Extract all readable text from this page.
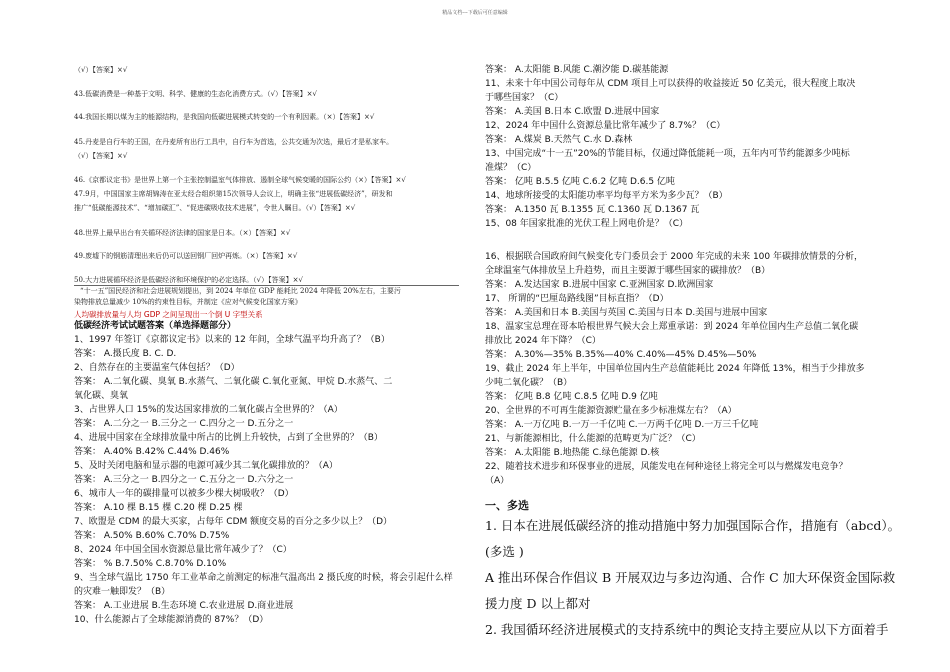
精品文档---下载后可任意编辑
（√）【答案】×√
43.低碳消费是一种基于文明、科学、健康的生态化消费方式。（√）【答案】×√
44.我国长期以煤为主的能源结构，是我国向低碳进展模式转变的一个有利因素。（×）【答案】×√
45.丹麦是自行车的王国，在丹麦所有出行工具中，自行车为首选，公共交通为次选，最后才是私家车。
（√）【答案】×√
46.《京都议定书》是世界上第一个主张控制温室气体排放、遏制全球气候变暖的国际公约（×）【答案】×√
47.9月，中国国家主席胡锦涛在亚太经合组织第15次领导人会议上，明确主张“进展低碳经济”，研发和
推广“低碳能源技术”、“增加碳汇”、“促进碳吸收技术进展”，令世人瞩目。（√）【答案】×√
48.世界上最早出台有关循环经济法律的国家是日本。（×）【答案】×√
49.废墟下的钢筋清理出来后仍可以送回钢厂回炉再炼。（×）【答案】×√
50.大力进展循环经济是低碳经济和环境保护的必定选择。（√）【答案】×√
“十一五”国民经济和社会进展规划提出，到 2024 年单位 GDP 能耗比 2024 年降低 20%左右，主要污
染物排放总量减少 10%的约束性目标，并制定《应对气候变化国家方案》
人均碳排放量与人均 GDP 之间呈现出一个倒 U 字型关系
低碳经济考试试题答案（单选择题部分）
1、1997 年签订《京都议定书》以来的 12 年间，全球气温平均升高了？（B）
答案： A.摄氏度 B. C. D.
2、自然存在的主要温室气体包括？（D）
答案： A.二氧化碳、臭氧 B.水蒸气、二氧化碳 C.氧化亚氮、甲烷 D.水蒸气、二
氧化碳、臭氧
3、占世界人口 15%的发达国家排放的二氧化碳占全世界的？（A）
答案： A.二分之一 B.三分之一 C.四分之一 D.五分之一
4、进展中国家在全球排放量中所占的比例上升较快，占到了全世界的？（B）
答案： A.40% B.42% C.44% D.46%
5、及时关闭电脑和显示器的电源可减少其二氧化碳排放的？（A）
答案： A.三分之一 B.四分之一 C.五分之一 D.六分之一
6、城市人一年的碳排量可以被多少棵大树吸收？（D）
答案： A.10 棵 B.15 棵 C.20 棵 D.25 棵
7、欧盟是 CDM 的最大买家，占每年 CDM 额度交易的百分之多少以上？（D）
答案： A.50% B.60% C.70% D.75%
8、2024 年中国全国水资源总量比常年减少了？（C）
答案： % B.7.50% C.8.70% D.10%
9、当全球气温比 1750 年工业革命之前测定的标准气温高出 2 摄氏度的时候，将会引起什么样
的灾难一触即发？（B）
答案： A.工业进展 B.生态环境 C.农业进展 D.商业进展
10、什么能源占了全球能源消费的 87%？（D）
一、多选
1. 日本在进展低碳经济的推动措施中努力加强国际合作，措施有（abcd）。
(多选 )
A 推出环保合作倡议 B 开展双边与多边沟通、合作 C 加大环保资金国际救
援力度 D 以上都对
2. 我国循环经济进展模式的支持系统中的舆论支持主要应从以下方面着手
答案： A.太阳能 B.风能 C.潮汐能 D.碳基能源
11、未来十年中国公司每年从 CDM 项目上可以获得的收益接近 50 亿美元，很大程度上取决
于哪些国家？（C）
答案： A.美国 B.日本 C.欧盟 D.进展中国家
12、2024 年中国什么资源总量比常年减少了 8.7%？（C）
答案： A.煤炭 B.天然气 C.水 D.森林
13、中国完成“十一五”20%的节能目标，仅通过降低能耗一项，五年内可节约能源多少吨标
准煤？（C）
答案： 亿吨 B.5.5 亿吨 C.6.2 亿吨 D.6.5 亿吨
14、地球所接受的太阳能功率平均每平方米为多少瓦？（B）
答案： A.1350 瓦 B.1355 瓦 C.1360 瓦 D.1367 瓦
15、08 年国家批准的光伏工程上网电价是？（C）
16、根据联合国政府间气候变化专门委员会于 2000 年完成的未来 100 年碳排放情景的分析，
全球温室气体排放呈上升趋势，而且主要源于哪些国家的碳排放？（B）
答案： A.发达国家 B.进展中国家 C.亚洲国家 D.欧洲国家
17、 所谓的“巴厘岛路线图”目标直指？（D）
答案： A.美国和日本 B.美国与英国 C.美国与日本 D.美国与进展中国家
18、温家宝总理在哥本哈根世界气候大会上郑重承诺：到 2024 年单位国内生产总值二氧化碳
排放比 2024 年下降？（C）
答案： A.30%—35% B.35%—40% C.40%—45% D.45%—50%
19、截止 2024 年上半年，中国单位国内生产总值能耗比 2024 年降低 13%，相当于少排放多
少吨二氧化碳？（B）
答案： 亿吨 B.8 亿吨 C.8.5 亿吨 D.9 亿吨
20、全世界的不可再生能源资源贮量在多少标准煤左右？（A）
答案： A.一万亿吨 B.一万一千亿吨 C.一万两千亿吨 D.一万三千亿吨
21、与新能源相比，什么能源的范畴更为广泛？（C）
答案： A.太阳能 B.地热能 C.绿色能源 D.核
22、随着技术进步和环保事业的进展，风能发电在何种途径上将完全可以与燃煤发电竞争？
（A）
